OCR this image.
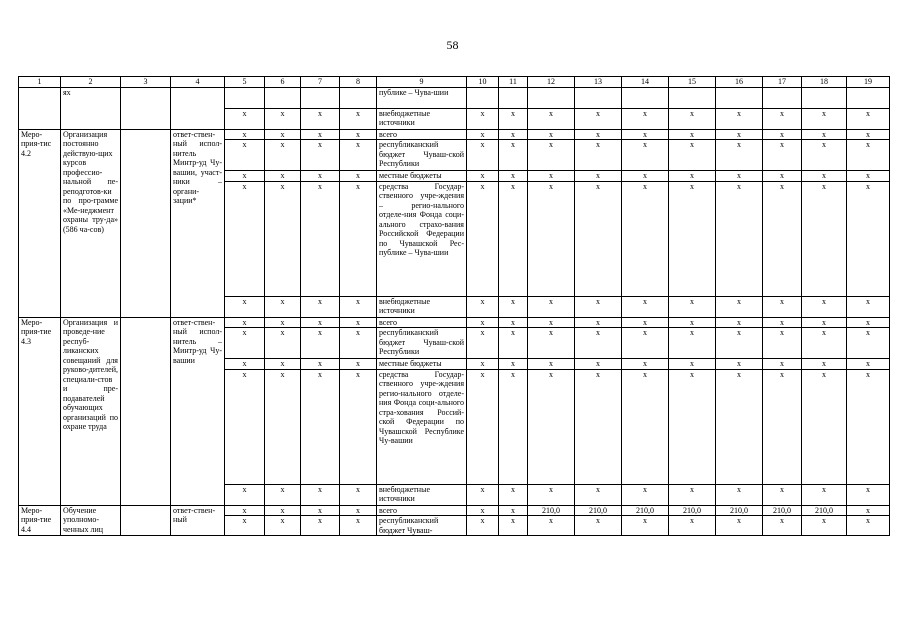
58
1	2	3	4	5	6	7	8	9	10	11	12	13	14	15	16	17	18	19
	ях							публике – Чува-шии										
				x	x	x	x	внебюджетные источники	x	x	x	x	x	x	x	x	x	x
Меро-прия-тис 4.2	Организация постоянно действую-щих курсов профессио-нальной пе-реподготов-ки по про-грамме «Ме-неджмент охраны тру-да» (586 ча-сов)		ответ-ствен-ный испол-нитель Минтр-уд Чу-вашии, участ-ники – органи-зации*	x	x	x	x	всего	x	x	x	x	x	x	x	x	x	x
				x	x	x	x	республиканский бюджет Чуваш-ской Республики	x	x	x	x	x	x	x	x	x	x
				x	x	x	x	местные бюджеты	x	x	x	x	x	x	x	x	x	x
				x	x	x	x	средства Государ-ственного учре-ждения – регио-нального отделе-ния Фонда соци-ального страхо-вания Российской Федерации по Чувашской Рес-публике – Чува-шии	x	x	x	x	x	x	x	x	x	x
				x	x	x	x	внебюджетные источники	x	x	x	x	x	x	x	x	x	x
Меро-прия-тие 4.3	Организация и проведе-ние респуб-ликанских совещаний для руково-дителей, специали-стов и пре-подавателей обучающих организаций по охране труда		ответ-ствен-ный испол-нитель – Минтр-уд Чу-вашии	x	x	x	x	всего	x	x	x	x	x	x	x	x	x	x
				x	x	x	x	республиканский бюджет Чуваш-ской Республики	x	x	x	x	x	x	x	x	x	x
				x	x	x	x	местные бюджеты	x	x	x	x	x	x	x	x	x	x
				x	x	x	x	средства Государ-ственного учре-ждения регио-нального отделе-ния Фонда соци-ального стра-хования Россий-ской Федерации по Чувашской Республике Чу-вашии	x	x	x	x	x	x	x	x	x	x
				x	x	x	x	внебюджетные источники	x	x	x	x	x	x	x	x	x	x
Меро-прия-тие 4.4	Обучение уполномо-ченных лиц		ответ-ствен-ный	x	x	x	x	всего	x	x	210,0	210,0	210,0	210,0	210,0	210,0	210,0	x
				x	x	x	x	республиканский бюджет Чуваш-	x	x	x	x	x	x	x	x	x	x
